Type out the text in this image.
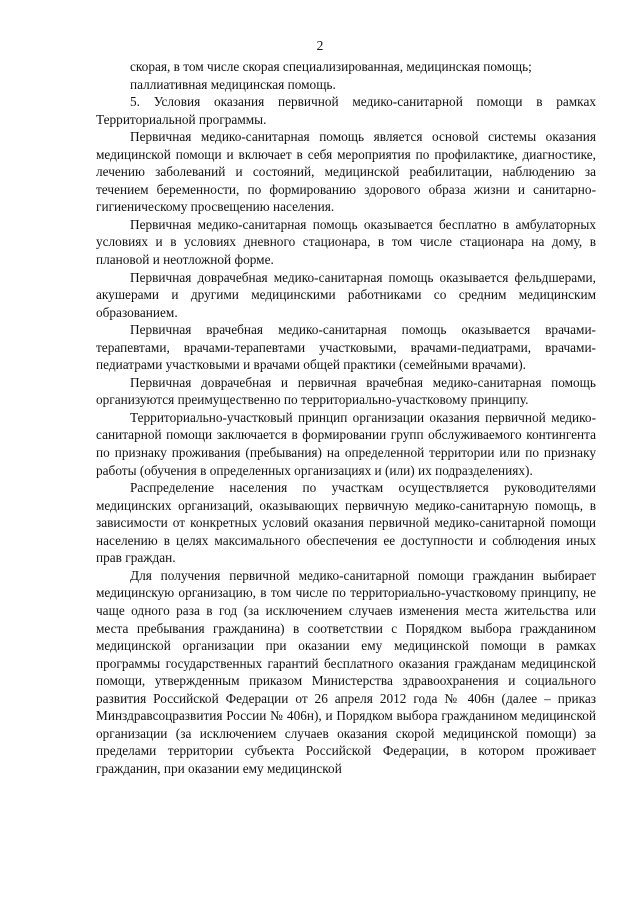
2

скорая, в том числе скорая специализированная, медицинская помощь;

паллиативная медицинская помощь.

5. Условия оказания первичной медико-санитарной помощи в рамках Территориальной программы.

Первичная медико-санитарная помощь является основой системы оказания медицинской помощи и включает в себя мероприятия по профилактике, диагностике, лечению заболеваний и состояний, медицинской реабилитации, наблюдению за течением беременности, по формированию здорового образа жизни и санитарно-гигиеническому просвещению населения.

Первичная медико-санитарная помощь оказывается бесплатно в амбулаторных условиях и в условиях дневного стационара, в том числе стационара на дому, в плановой и неотложной форме.

Первичная доврачебная медико-санитарная помощь оказывается фельдшерами, акушерами и другими медицинскими работниками со средним медицинским образованием.

Первичная врачебная медико-санитарная помощь оказывается врачами-терапевтами, врачами-терапевтами участковыми, врачами-педиатрами, врачами-педиатрами участковыми и врачами общей практики (семейными врачами).

Первичная доврачебная и первичная врачебная медико-санитарная помощь организуются преимущественно по территориально-участковому принципу.

Территориально-участковый принцип организации оказания первичной медико-санитарной помощи заключается в формировании групп обслуживаемого контингента по признаку проживания (пребывания) на определенной территории или по признаку работы (обучения в определенных организациях и (или) их подразделениях).

Распределение населения по участкам осуществляется руководителями медицинских организаций, оказывающих первичную медико-санитарную помощь, в зависимости от конкретных условий оказания первичной медико-санитарной помощи населению в целях максимального обеспечения ее доступности и соблюдения иных прав граждан.

Для получения первичной медико-санитарной помощи гражданин выбирает медицинскую организацию, в том числе по территориально-участковому принципу, не чаще одного раза в год (за исключением случаев изменения места жительства или места пребывания гражданина) в соответствии с Порядком выбора гражданином медицинской организации при оказании ему медицинской помощи в рамках программы государственных гарантий бесплатного оказания гражданам медицинской помощи, утвержденным приказом Министерства здравоохранения и социального развития Российской Федерации от 26 апреля 2012 года № 406н (далее – приказ Минздравсоцразвития России № 406н), и Порядком выбора гражданином медицинской организации (за исключением случаев оказания скорой медицинской помощи) за пределами территории субъекта Российской Федерации, в котором проживает гражданин, при оказании ему медицинской
